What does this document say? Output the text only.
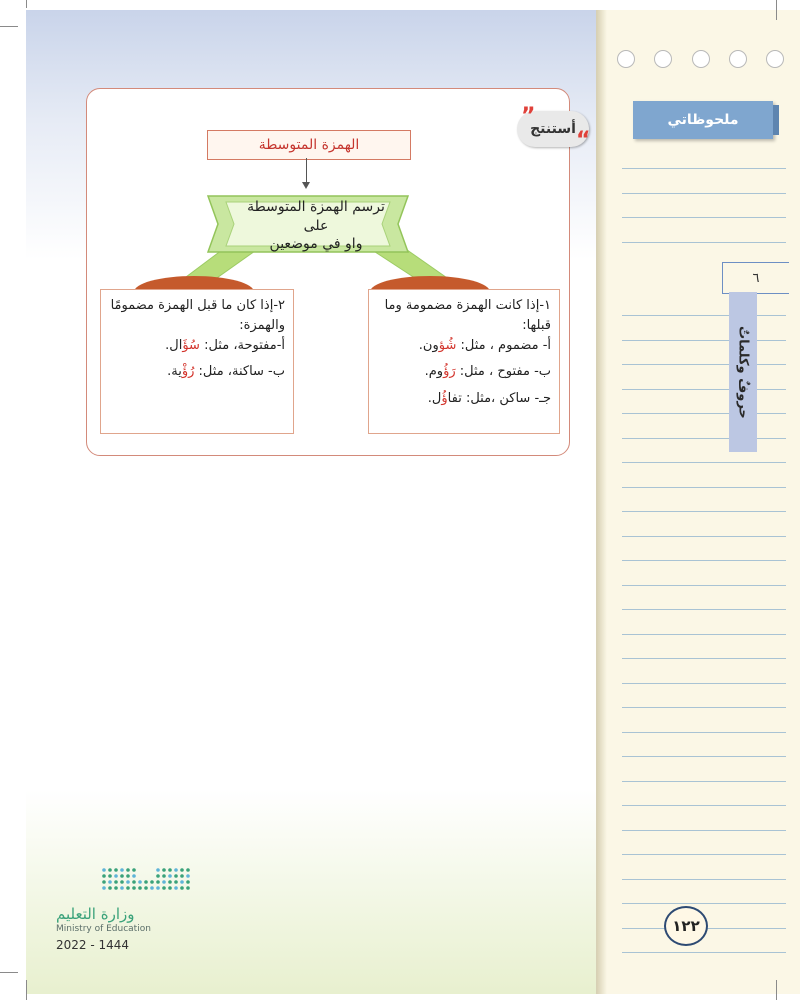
ملحوظاتي
٦
حروفٌ وكلماتٌ
١٢٢
أستنتج “
”
الهمزة المتوسطة
ترسم الهمزة المتوسطة على
واو في موضعين
١-إذا كانت الهمزة مضمومة وما قبلها:
أ- مضموم ، مثل: شُؤون.
ب- مفتوح ، مثل: رَؤُوم.
جـ- ساكن ،مثل: تفاؤُل.
٢-إذا كان ما قبل الهمزة مضمومًا والهمزة:
أ-مفتوحة، مثل: سُؤَال.
ب- ساكنة، مثل: رُؤْية.
وزارة التعليم
Ministry of Education
2022 - 1444
